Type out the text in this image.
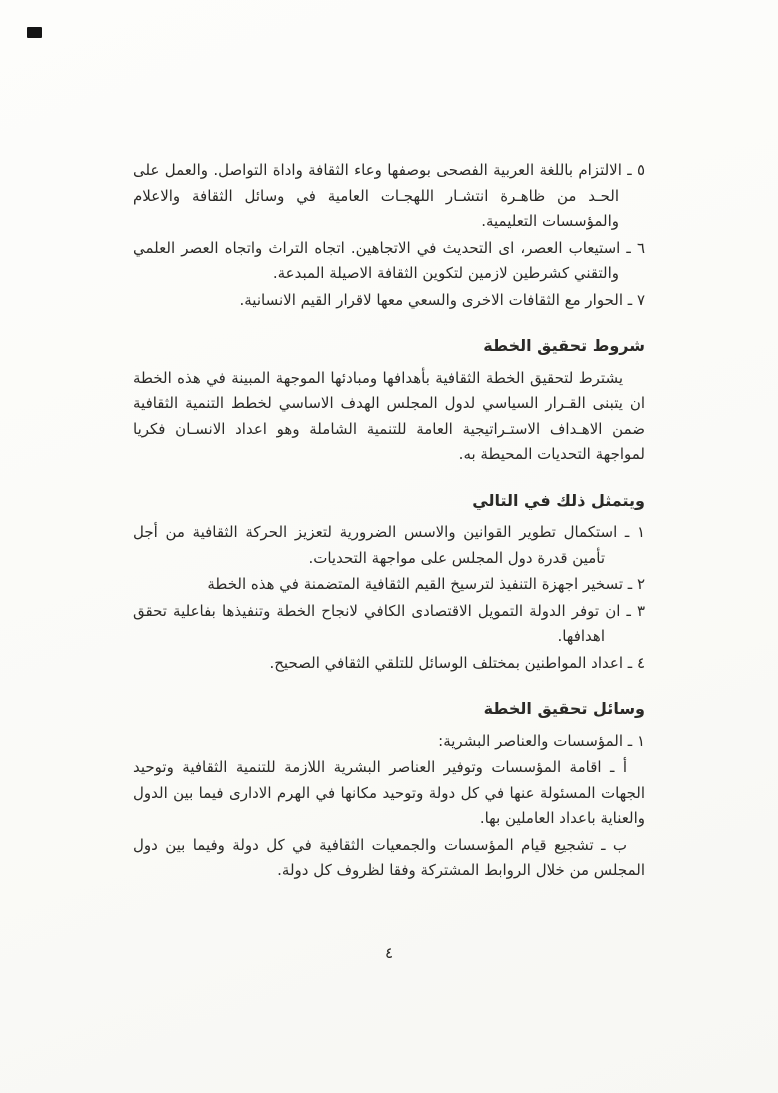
٥ ـ الالتزام باللغة العربية الفصحى بوصفها وعاء الثقافة واداة التواصل. والعمل على الحـد من ظاهـرة انتشـار اللهجـات العامية في وسائل الثقافة والاعلام والمؤسسات التعليمية.

٦ ـ استيعاب العصر، اى التحديث في الاتجاهين. اتجاه التراث واتجاه العصر العلمي والتقني كشرطين لازمين لتكوين الثقافة الاصيلة المبدعة.

٧ ـ الحوار مع الثقافات الاخرى والسعي معها لاقرار القيم الانسانية.

شروط تحقيق الخطة

يشترط لتحقيق الخطة الثقافية بأهدافها ومبادئها الموجهة المبينة في هذه الخطة ان يتبنى القـرار السياسي لدول المجلس الهدف الاساسي لخطط التنمية الثقافية ضمن الاهـداف الاستـراتيجية العامة للتنمية الشاملة وهو اعداد الانسـان فكريا لمواجهة التحديات المحيطة به.

ويتمثل ذلك في التالي

١ ـ استكمال تطوير القوانين والاسس الضرورية لتعزيز الحركة الثقافية من أجل تأمين قدرة دول المجلس على مواجهة التحديات.

٢ ـ تسخير اجهزة التنفيذ لترسيخ القيم الثقافية المتضمنة في هذه الخطة

٣ ـ ان توفر الدولة التمويل الاقتصادى الكافي لانجاح الخطة وتنفيذها بفاعلية تحقق اهدافها.

٤ ـ اعداد المواطنين بمختلف الوسائل للتلقي الثقافي الصحيح.

وسائل تحقيق الخطة

١ ـ المؤسسات والعناصر البشرية:

أ ـ اقامة المؤسسات وتوفير العناصر البشرية اللازمة للتنمية الثقافية وتوحيد الجهات المسئولة عنها في كل دولة وتوحيد مكانها في الهرم الادارى فيما بين الدول والعناية باعداد العاملين بها.

ب ـ تشجيع قيام المؤسسات والجمعيات الثقافية في كل دولة وفيما بين دول المجلس من خلال الروابط المشتركة وفقا لظروف كل دولة.

٤
